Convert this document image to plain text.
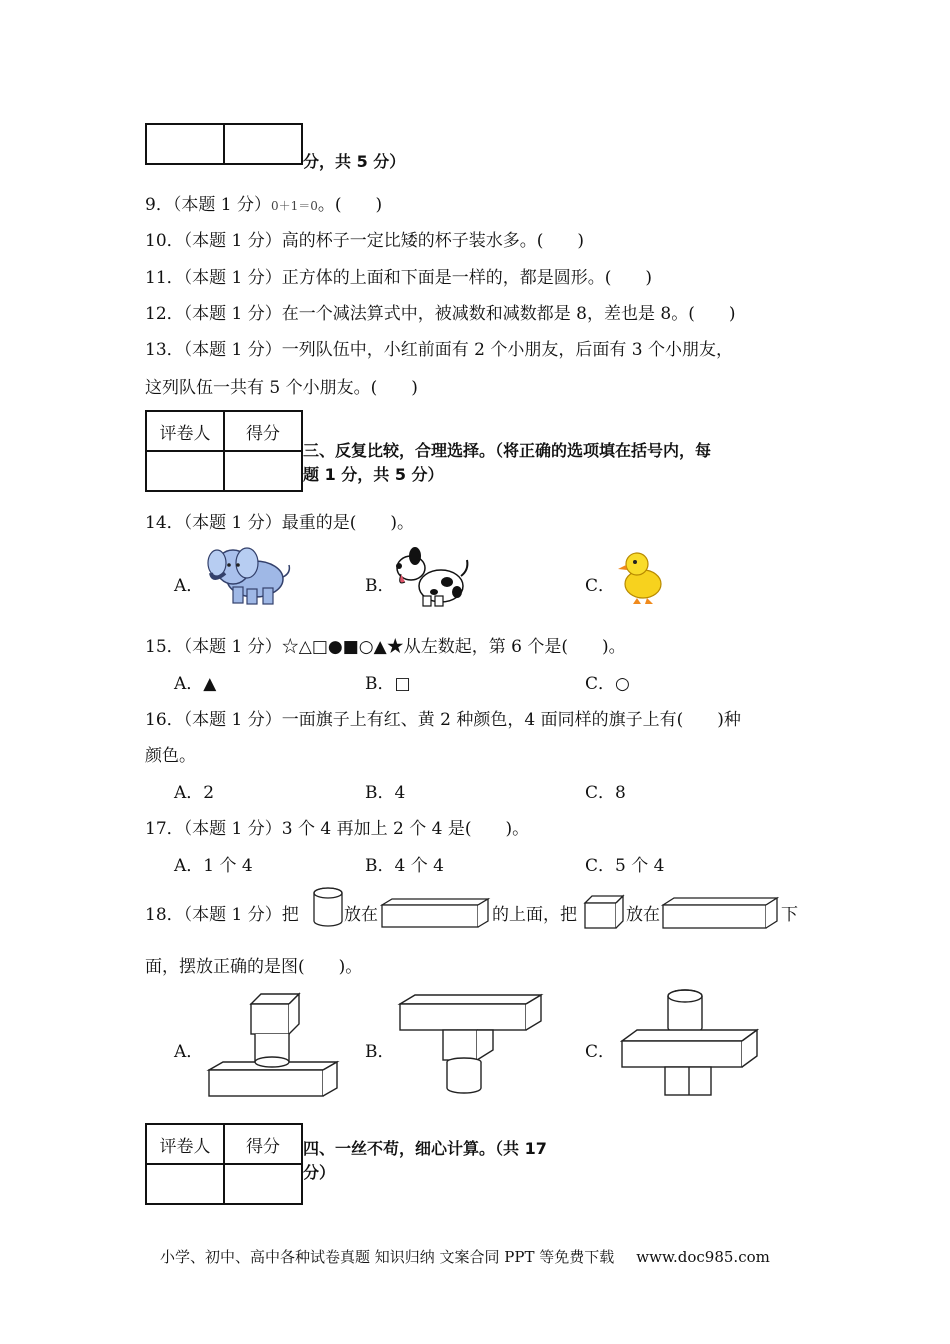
分，共 5 分）
9．（本题 1 分）0＋1＝0。(　　)
10．（本题 1 分）高的杯子一定比矮的杯子装水多。(　　)
11．（本题 1 分）正方体的上面和下面是一样的，都是圆形。(　　)
12．（本题 1 分）在一个减法算式中，被减数和减数都是 8，差也是 8。(　　)
13．（本题 1 分）一列队伍中，小红前面有 2 个小朋友，后面有 3 个小朋友，
这列队伍一共有 5 个小朋友。(　　)
评卷人	得分

三、反复比较，合理选择。（将正确的选项填在括号内，每
题 1 分，共 5 分）
14．（本题 1 分）最重的是(　　)。
A．	B．	C．
15．（本题 1 分）☆△□●■○▲★从左数起，第 6 个是(　　)。
A．▲	B．□	C．○
16．（本题 1 分）一面旗子上有红、黄 2 种颜色，4 面同样的旗子上有(　　)种
颜色。
A．2	B．4	C．8
17．（本题 1 分）3 个 4 再加上 2 个 4 是(　　)。
A．1 个 4	B．4 个 4	C．5 个 4
18．（本题 1 分）把	放在	的上面，把	放在	下
面，摆放正确的是图(　　)。
A．	B．	C．
评卷人	得分
	四、一丝不苟，细心计算。（共 17
分）
小学、初中、高中各种试卷真题 知识归纳 文案合同 PPT 等免费下载 www.doc985.com
